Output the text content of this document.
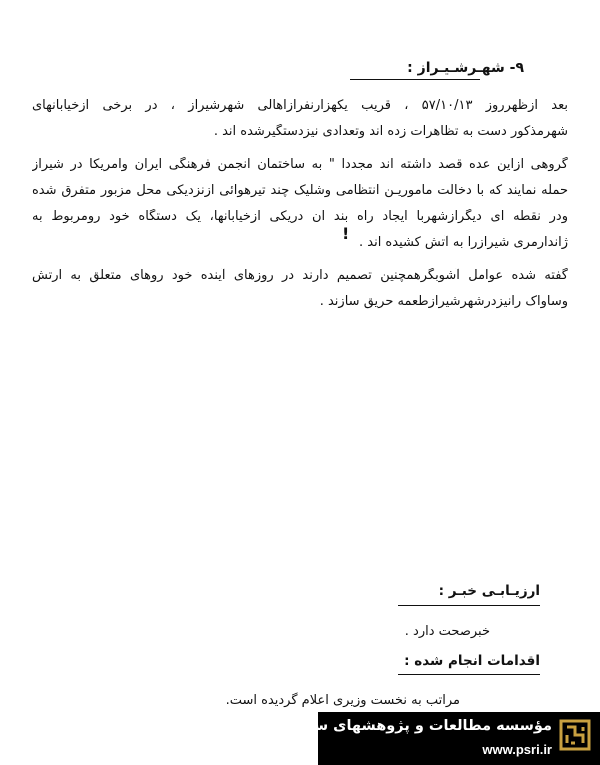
۹- شهـرشـیـراز :
بعد ازظهرروز ۵۷/۱۰/۱۳ ، قریب یکهزارنفرازاهالی شهرشیراز ، در برخی ازخیابانهای
شهرمذکور دست به تظاهرات زده اند وتعدادی نیزدستگیرشده اند .
گروهی ازاین عده قصد داشته اند مجددا " به ساختمان انجمن فرهنگی ایران وامریکا در شیراز
حمله نمایند که با دخالت ماموریـن انتظامی وشلیک چند تیرهوائی ازنزدیکی محل مزبور متفرق شده
ودر نقطه ای دیگرازشهربا ایجاد راه بند ان دریکی ازخیابانها، یک دستگاه خود رومربوط به
ژاندارمری شیرازرا به آتش کشیده اند .
!
گفته شده عوامل آشوبگرهمچنین تصمیم دارند در روزهای آینده خود روهای متعلق به ارتش
وساواک رانیزدرشهرشیرازطعمه حریق سازند .
ارزیـابـی خبـر :
خبرصحت دارد .
اقدامات انجام شده :
مراتب به نخست وزیری اعلام گردیده است.
مؤسسه مطالعات و پژوهشهای سیاسی
www.psri.ir
